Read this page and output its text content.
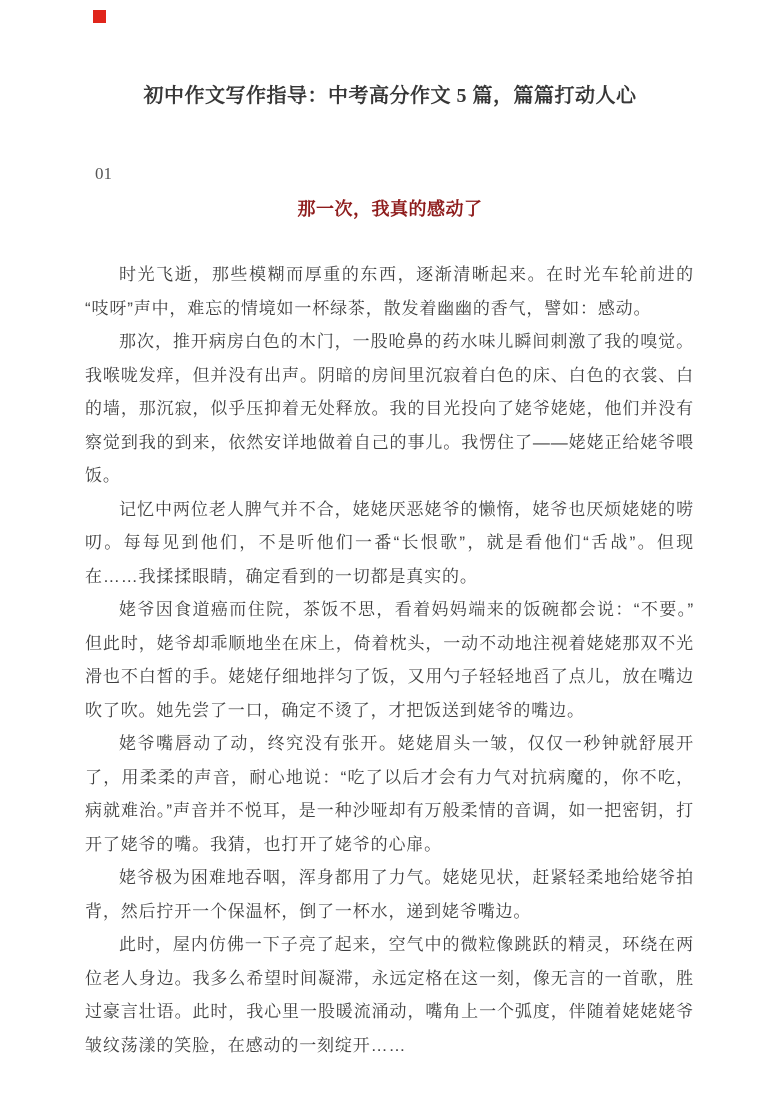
初中作文写作指导：中考高分作文 5 篇，篇篇打动人心
01
那一次，我真的感动了

时光飞逝，那些模糊而厚重的东西，逐渐清晰起来。在时光车轮前进的“吱呀”声中，难忘的情境如一杯绿茶，散发着幽幽的香气，譬如：感动。

那次，推开病房白色的木门，一股呛鼻的药水味儿瞬间刺激了我的嗅觉。我喉咙发痒，但并没有出声。阴暗的房间里沉寂着白色的床、白色的衣裳、白的墙，那沉寂，似乎压抑着无处释放。我的目光投向了姥爷姥姥，他们并没有察觉到我的到来，依然安详地做着自己的事儿。我愣住了——姥姥正给姥爷喂饭。

记忆中两位老人脾气并不合，姥姥厌恶姥爷的懒惰，姥爷也厌烦姥姥的唠叨。每每见到他们，不是听他们一番“长恨歌”，就是看他们“舌战”。但现在……我揉揉眼睛，确定看到的一切都是真实的。

姥爷因食道癌而住院，茶饭不思，看着妈妈端来的饭碗都会说：“不要。”但此时，姥爷却乖顺地坐在床上，倚着枕头，一动不动地注视着姥姥那双不光滑也不白皙的手。姥姥仔细地拌匀了饭，又用勺子轻轻地舀了点儿，放在嘴边吹了吹。她先尝了一口，确定不烫了，才把饭送到姥爷的嘴边。

姥爷嘴唇动了动，终究没有张开。姥姥眉头一皱，仅仅一秒钟就舒展开了，用柔柔的声音，耐心地说：“吃了以后才会有力气对抗病魔的，你不吃，病就难治。”声音并不悦耳，是一种沙哑却有万般柔情的音调，如一把密钥，打开了姥爷的嘴。我猜，也打开了姥爷的心扉。

姥爷极为困难地吞咽，浑身都用了力气。姥姥见状，赶紧轻柔地给姥爷拍背，然后拧开一个保温杯，倒了一杯水，递到姥爷嘴边。

此时，屋内仿佛一下子亮了起来，空气中的微粒像跳跃的精灵，环绕在两位老人身边。我多么希望时间凝滞，永远定格在这一刻，像无言的一首歌，胜过豪言壮语。此时，我心里一股暖流涌动，嘴角上一个弧度，伴随着姥姥姥爷皱纹荡漾的笑脸，在感动的一刻绽开……
